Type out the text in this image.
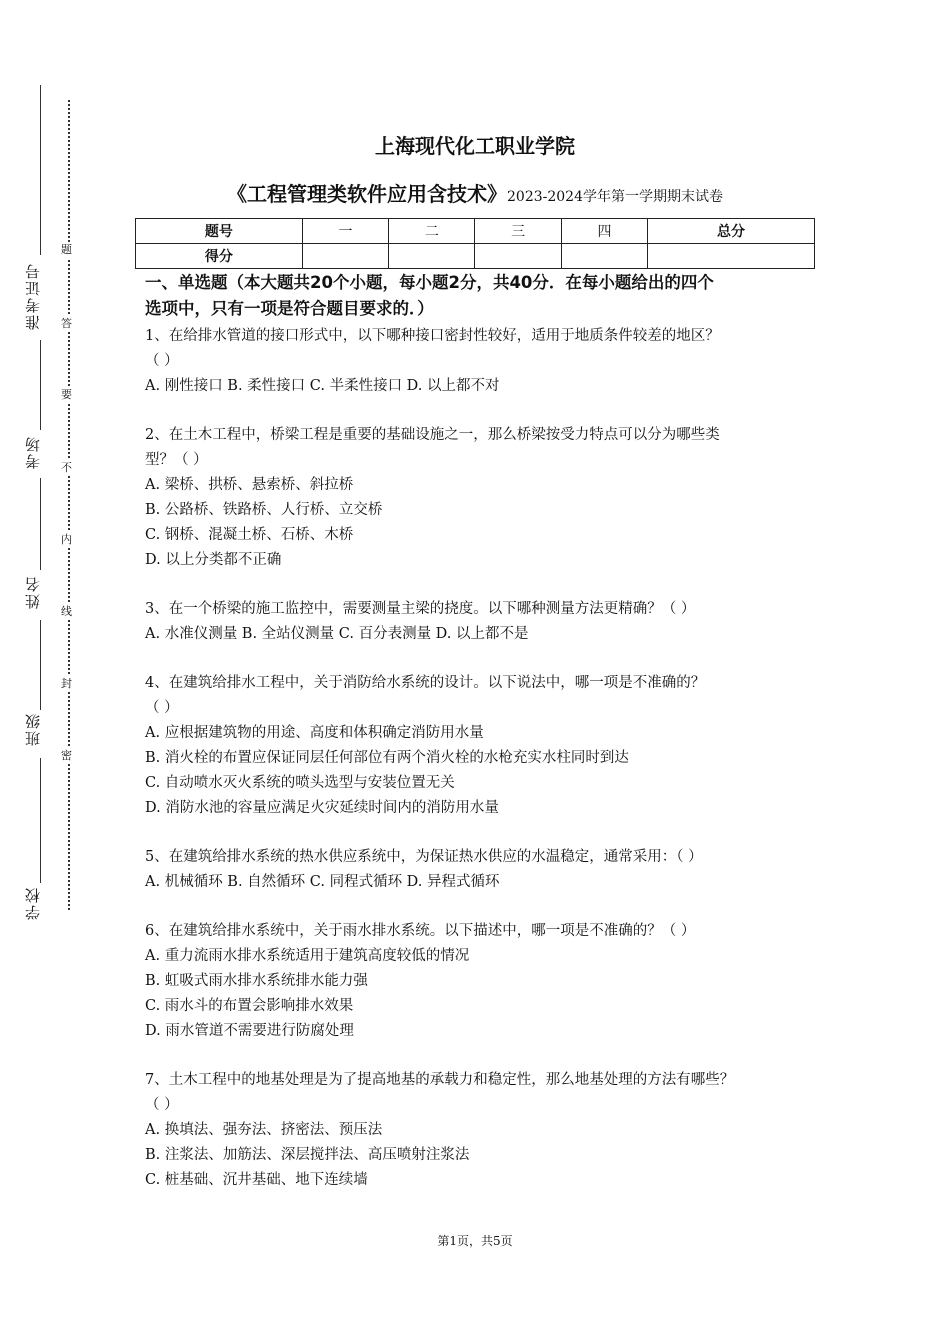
准考证号
考场
姓名
班级
学校
题
答
要
不
内
线
封
密
上海现代化工职业学院
《工程管理类软件应用含技术》2023-2024学年第一学期期末试卷
题号	一	二	三	四	总分
得分					
一、单选题（本大题共20个小题，每小题2分，共40分．在每小题给出的四个
选项中，只有一项是符合题目要求的．）
1、在给排水管道的接口形式中，以下哪种接口密封性较好，适用于地质条件较差的地区？
（ ）
A. 刚性接口 B. 柔性接口 C. 半柔性接口 D. 以上都不对
2、在土木工程中，桥梁工程是重要的基础设施之一，那么桥梁按受力特点可以分为哪些类
型？（ ）
A. 梁桥、拱桥、悬索桥、斜拉桥
B. 公路桥、铁路桥、人行桥、立交桥
C. 钢桥、混凝土桥、石桥、木桥
D. 以上分类都不正确
3、在一个桥梁的施工监控中，需要测量主梁的挠度。以下哪种测量方法更精确？（ ）
A. 水准仪测量 B. 全站仪测量 C. 百分表测量 D. 以上都不是
4、在建筑给排水工程中，关于消防给水系统的设计。以下说法中，哪一项是不准确的？
（ ）
A. 应根据建筑物的用途、高度和体积确定消防用水量
B. 消火栓的布置应保证同层任何部位有两个消火栓的水枪充实水柱同时到达
C. 自动喷水灭火系统的喷头选型与安装位置无关
D. 消防水池的容量应满足火灾延续时间内的消防用水量
5、在建筑给排水系统的热水供应系统中，为保证热水供应的水温稳定，通常采用：（ ）
A. 机械循环 B. 自然循环 C. 同程式循环 D. 异程式循环
6、在建筑给排水系统中，关于雨水排水系统。以下描述中，哪一项是不准确的？（ ）
A. 重力流雨水排水系统适用于建筑高度较低的情况
B. 虹吸式雨水排水系统排水能力强
C. 雨水斗的布置会影响排水效果
D. 雨水管道不需要进行防腐处理
7、土木工程中的地基处理是为了提高地基的承载力和稳定性，那么地基处理的方法有哪些？
（ ）
A. 换填法、强夯法、挤密法、预压法
B. 注浆法、加筋法、深层搅拌法、高压喷射注浆法
C. 桩基础、沉井基础、地下连续墙
第1页，共5页
